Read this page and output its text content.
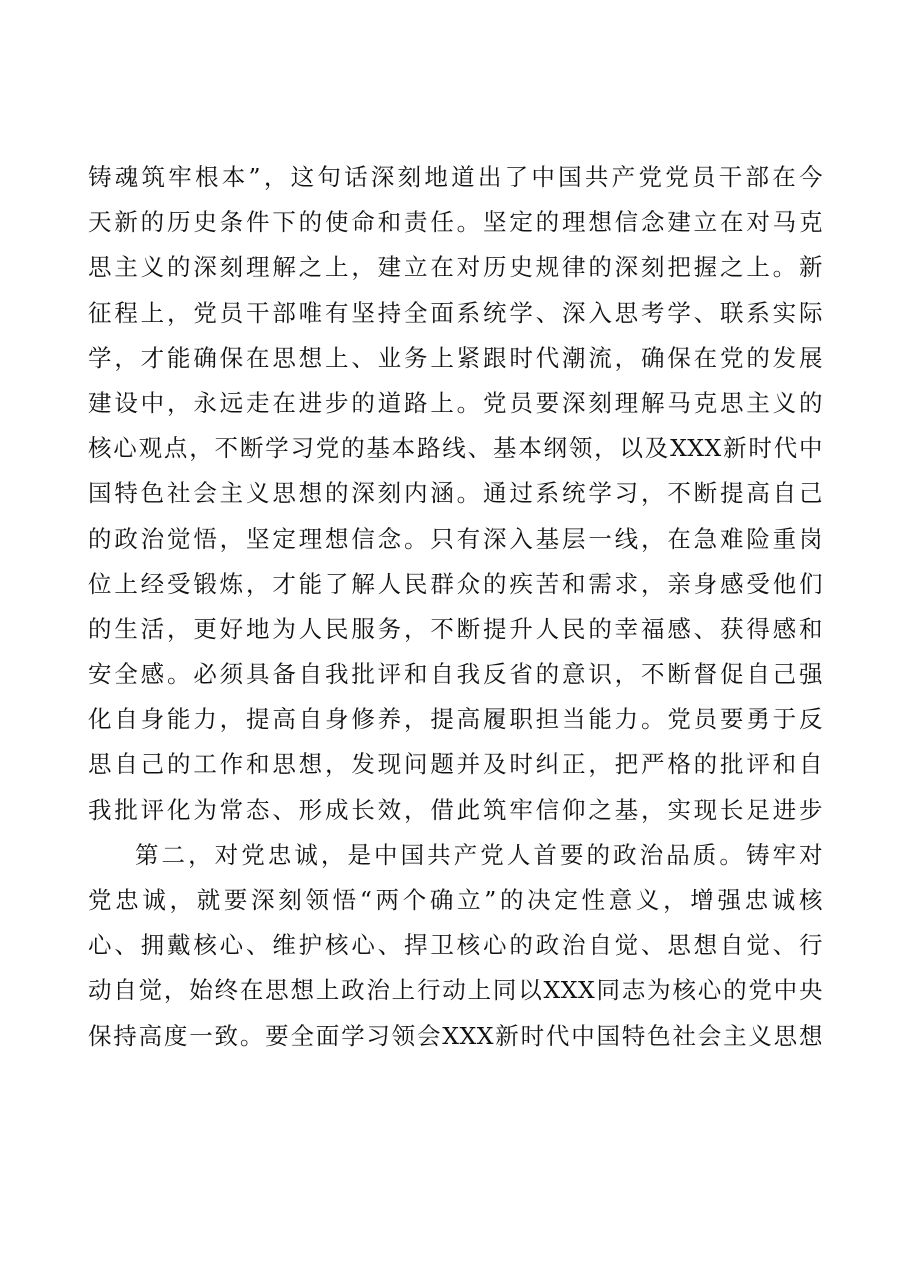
铸魂筑牢根本”，这句话深刻地道出了中国共产党党员干部在今
天新的历史条件下的使命和责任。坚定的理想信念建立在对马克
思主义的深刻理解之上，建立在对历史规律的深刻把握之上。新
征程上，党员干部唯有坚持全面系统学、深入思考学、联系实际
学，才能确保在思想上、业务上紧跟时代潮流，确保在党的发展
建设中，永远走在进步的道路上。党员要深刻理解马克思主义的
核心观点，不断学习党的基本路线、基本纲领，以及XXX新时代中
国特色社会主义思想的深刻内涵。通过系统学习，不断提高自己
的政治觉悟，坚定理想信念。只有深入基层一线，在急难险重岗
位上经受锻炼，才能了解人民群众的疾苦和需求，亲身感受他们
的生活，更好地为人民服务，不断提升人民的幸福感、获得感和
安全感。必须具备自我批评和自我反省的意识，不断督促自己强
化自身能力，提高自身修养，提高履职担当能力。党员要勇于反
思自己的工作和思想，发现问题并及时纠正，把严格的批评和自
我批评化为常态、形成长效，借此筑牢信仰之基，实现长足进步
第二，对党忠诚，是中国共产党人首要的政治品质。铸牢对
党忠诚，就要深刻领悟“两个确立”的决定性意义，增强忠诚核
心、拥戴核心、维护核心、捍卫核心的政治自觉、思想自觉、行
动自觉，始终在思想上政治上行动上同以XXX同志为核心的党中央
保持高度一致。要全面学习领会XXX新时代中国特色社会主义思想
